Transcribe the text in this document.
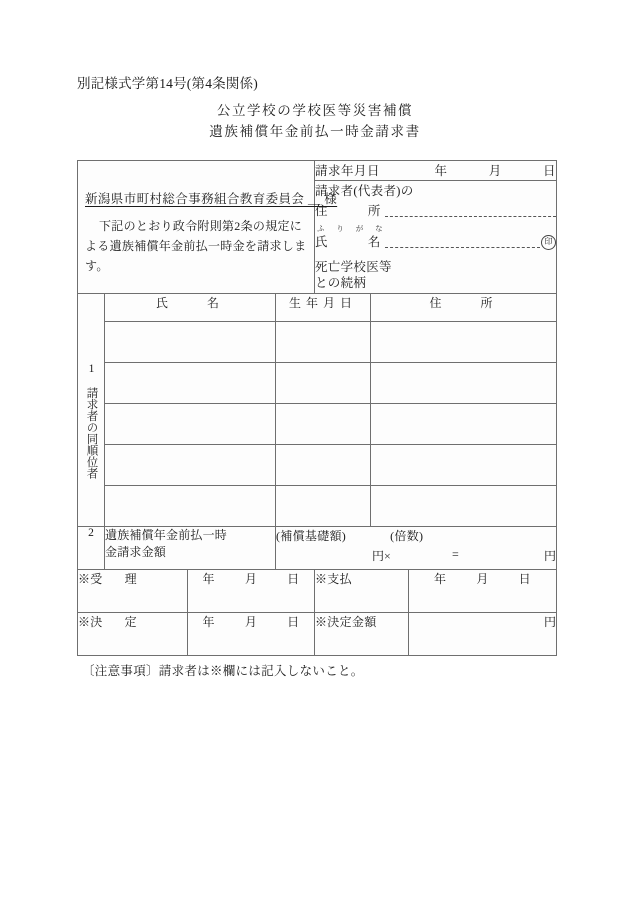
別記様式学第14号(第4条関係)
公立学校の学校医等災害補償
遺族補償年金前払一時金請求書
新潟県市町村総合事務組合教育委員会 ＿ 様
下記のとおり政令附則第2条の規定による遺族補償年金前払一時金を請求します。

請求年月日	年	月	日

				請求者(代表者)の
住 所
ふ り が な
氏 名 印		

				死亡学校医等
との続柄		

1 請求者の同順位者	氏　　名		生年月日		住　　所	

2	遺族補償年金前払一時
金請求金額

(補償基礎額)	(倍数)
円×	=	円

※受 理		年 月 日		※支払		年 月 日
※決 定		年 月 日		※決定金額		円
〔注意事項〕請求者は※欄には記入しないこと。
